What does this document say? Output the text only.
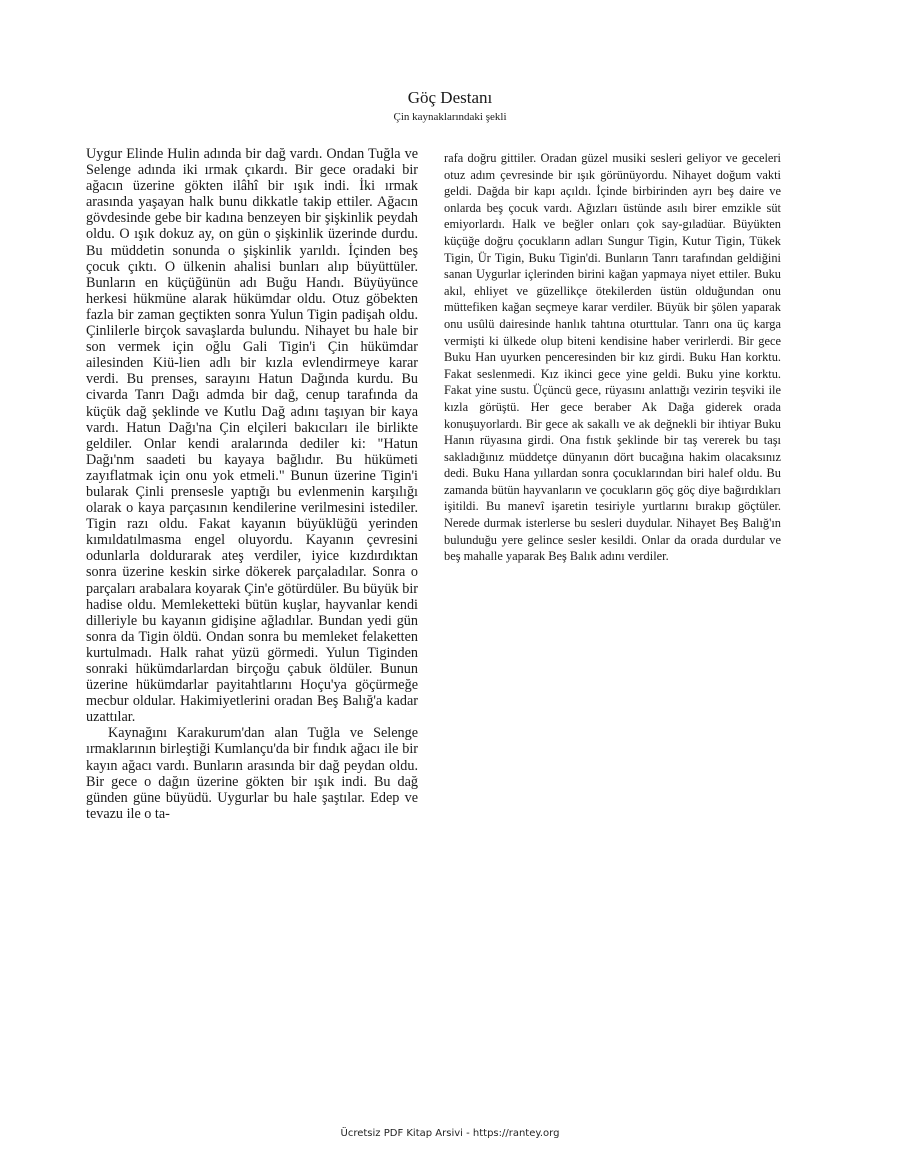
Göç Destanı
Çin kaynaklarındaki şekli

Uygur Elinde Hulin adında bir dağ vardı. Ondan Tuğla ve Selenge adında iki ırmak çıkardı. Bir gece oradaki bir ağacın üzerine gökten ilâhî bir ışık indi. İki ırmak arasında yaşayan halk bunu dikkatle takip ettiler. Ağacın gövdesinde gebe bir kadına benzeyen bir şişkinlik peydah oldu. O ışık dokuz ay, on gün o şişkinlik üzerinde durdu. Bu müddetin sonunda o şişkinlik yarıldı. İçinden beş çocuk çıktı. O ülkenin ahalisi bunları alıp büyüttüler. Bunların en küçüğünün adı Buğu Handı. Büyüyünce herkesi hükmüne alarak hükümdar oldu. Otuz göbekten fazla bir zaman geçtikten sonra Yulun Tigin padişah oldu. Çinlilerle birçok savaşlarda bulundu. Nihayet bu hale bir son vermek için oğlu Gali Tigin'i Çin hükümdar ailesinden Kiü-lien adlı bir kızla evlendirmeye karar verdi. Bu prenses, sarayını Hatun Dağında kurdu. Bu civarda Tanrı Dağı admda bir dağ, cenup tarafında da küçük dağ şeklinde ve Kutlu Dağ adını taşıyan bir kaya vardı. Hatun Dağı'na Çin elçileri bakıcıları ile birlikte geldiler. Onlar kendi aralarında dediler ki: "Hatun Dağı'nm saadeti bu kayaya bağlıdır. Bu hükümeti zayıflatmak için onu yok etmeli." Bunun üzerine Tigin'i bularak Çinli prensesle yaptığı bu evlenmenin karşılığı olarak o kaya parçasının kendilerine verilmesini istediler. Tigin razı oldu. Fakat kayanın büyüklüğü yerinden kımıldatılmasma engel oluyordu. Kayanın çevresini odunlarla doldurarak ateş verdiler, iyice kızdırdıktan sonra üzerine keskin sirke dökerek parçaladılar. Sonra o parçaları arabalara koyarak Çin'e götürdüler. Bu büyük bir hadise oldu. Memleketteki bütün kuşlar, hayvanlar kendi dilleriyle bu kayanın gidişine ağladılar. Bundan yedi gün sonra da Tigin öldü. Ondan sonra bu memleket felaketten kurtulmadı. Halk rahat yüzü görmedi. Yulun Tiginden sonraki hükümdarlardan birçoğu çabuk öldüler. Bunun üzerine hükümdarlar payitahtlarını Hoçu'ya göçürmeğe mecbur oldular. Hakimiyetlerini oradan Beş Balığ'a kadar uzattılar.

Kaynağını Karakurum'dan alan Tuğla ve Selenge ırmaklarının birleştiği Kumlançu'da bir fındık ağacı ile bir kayın ağacı vardı. Bunların arasında bir dağ peydan oldu. Bir gece o dağın üzerine gökten bir ışık indi. Bu dağ günden güne büyüdü. Uygurlar bu hale şaştılar. Edep ve tevazu ile o ta-

rafa doğru gittiler. Oradan güzel musiki sesleri geliyor ve geceleri otuz adım çevresinde bir ışık görünüyordu. Nihayet doğum vakti geldi. Dağda bir kapı açıldı. İçinde birbirinden ayrı beş daire ve onlarda beş çocuk vardı. Ağızları üstünde asılı birer emzikle süt emiyorlardı. Halk ve beğler onları çok say-gıladüar. Büyükten küçüğe doğru çocukların adları Sungur Tigin, Kutur Tigin, Tükek Tigin, Ür Tigin, Buku Tigin'di. Bunların Tanrı tarafından geldiğini sanan Uygurlar içlerinden birini kağan yapmaya niyet ettiler. Buku akıl, ehliyet ve güzellikçe ötekilerden üstün olduğundan onu müttefiken kağan seçmeye karar verdiler. Büyük bir şölen yaparak onu usûlü dairesinde hanlık tahtına oturttular. Tanrı ona üç karga vermişti ki ülkede olup biteni kendisine haber verirlerdi. Bir gece Buku Han uyurken penceresinden bir kız girdi. Buku Han korktu. Fakat seslenmedi. Kız ikinci gece yine geldi. Buku yine korktu. Fakat yine sustu. Üçüncü gece, rüyasını anlattığı vezirin teşviki ile kızla görüştü. Her gece beraber Ak Dağa giderek orada konuşuyorlardı. Bir gece ak sakallı ve ak değnekli bir ihtiyar Buku Hanın rüyasına girdi. Ona fıstık şeklinde bir taş vererek bu taşı sakladığınız müddetçe dünyanın dört bucağına hakim olacaksınız dedi. Buku Hana yıllardan sonra çocuklarından biri halef oldu. Bu zamanda bütün hayvanların ve çocukların göç göç diye bağırdıkları işitildi. Bu manevî işaretin tesiriyle yurtlarını bırakıp göçtüler. Nerede durmak isterlerse bu sesleri duydular. Nihayet Beş Balığ'ın bulunduğu yere gelince sesler kesildi. Onlar da orada durdular ve beş mahalle yaparak Beş Balık adını verdiler.

Ücretsiz PDF Kitap Arsivi - https://rantey.org
